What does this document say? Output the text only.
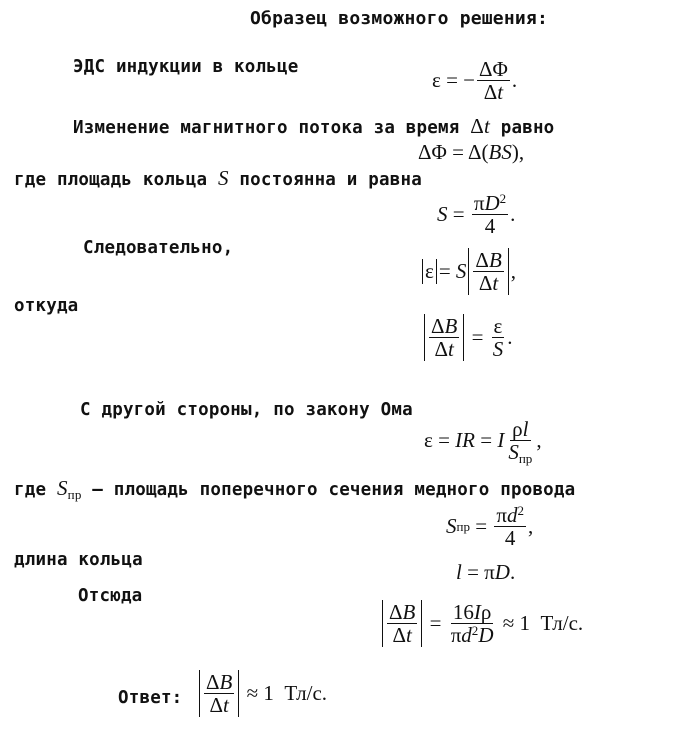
Образец возможного решения:
ЭДС индукции в кольце
ε = − $\frac{\Delta\Phi}{\Delta t}$ .
Изменение магнитного потока за время Δt равно
ΔΦ = Δ( BS ),
где площадь кольца S постоянна и равна
$S = \frac{\pi D^2}{4}$ .
Следовательно,
ε = S $\frac{\Delta B}{\Delta t}$ ,
откуда
$\frac{\Delta B}{\Delta t} = \frac{\varepsilon}{S}$ .
С другой стороны, по закону Ома
ε = IR = I $\frac{\rho l}{S_{пр}}$ ,
где $S_{пр}$ — площадь поперечного сечения медного провода
S пр = $\frac{\pi d^2}{4}$ ,
длина кольца	l = π D .
Отсюда
$\frac{\Delta B}{\Delta t} = \frac{16I\rho}{\pi d^2D} \approx 1$  Тл/с.
Ответ: $\frac{\Delta B}{\Delta t} \approx 1$
Тл/с.
